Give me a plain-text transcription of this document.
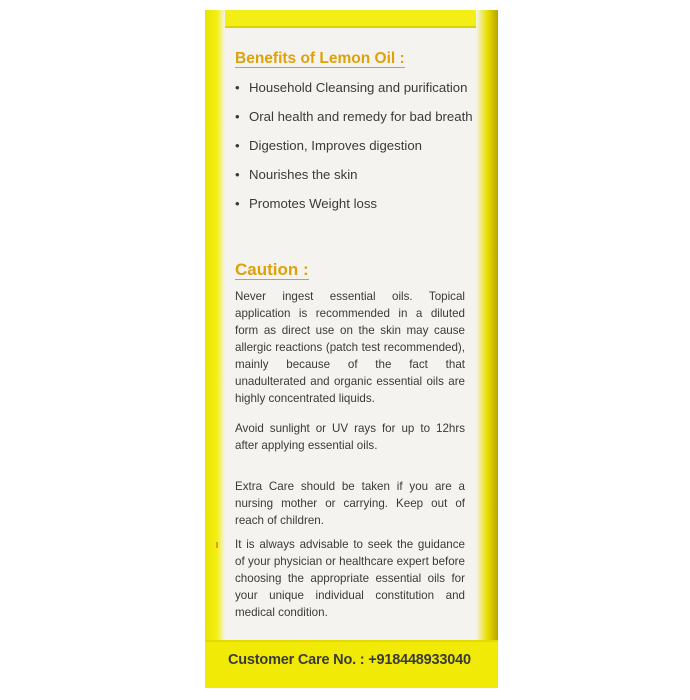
Benefits of Lemon Oil :
• Household Cleansing and purification
• Oral health and remedy for bad breath
• Digestion, Improves digestion
• Nourishes the skin
• Promotes Weight loss
Caution :

Never ingest essential oils. Topical application is recommended in a diluted form as direct use on the skin may cause allergic reactions (patch test recommended), mainly because of the fact that unadulterated and organic essential oils are highly concentrated liquids.

Avoid sunlight or UV rays for up to 12hrs after applying essential oils.

Extra Care should be taken if you are a nursing mother or carrying. Keep out of reach of children.

It is always advisable to seek the guidance of your physician or healthcare expert before choosing the appropriate essential oils for your unique individual constitution and medical condition.

Customer Care No. : +918448933040
